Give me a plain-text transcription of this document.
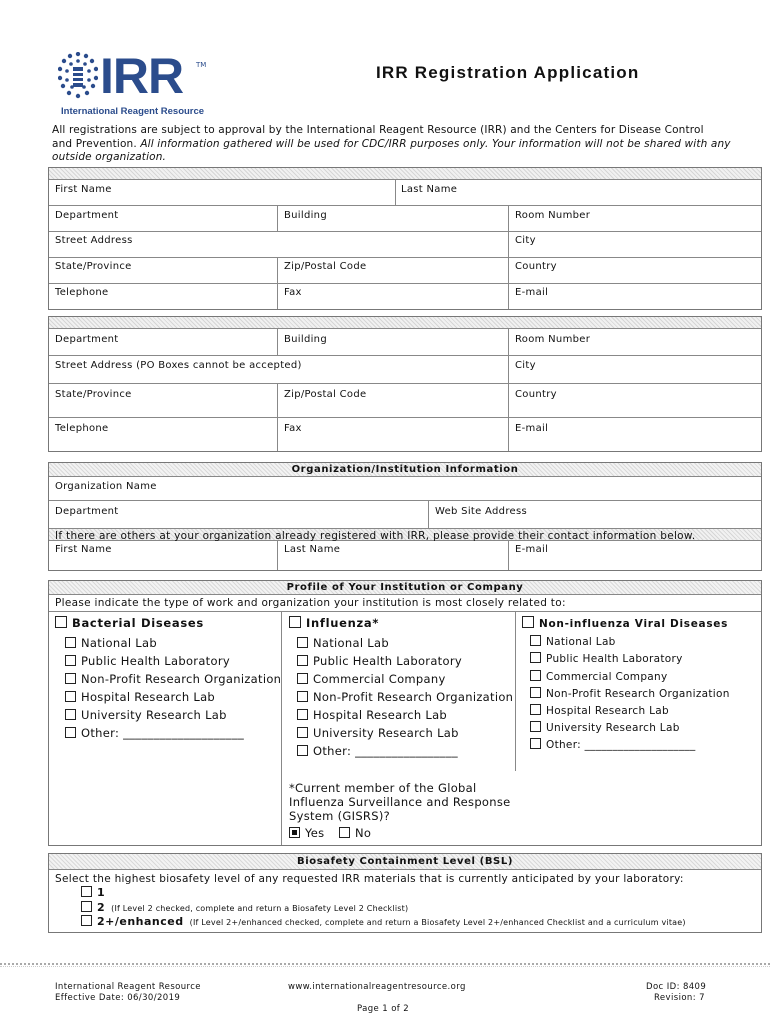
IRR TM
International Reagent Resource
IRR Registration Application
All registrations are subject to approval by the International Reagent Resource (IRR) and the Centers for Disease Control
and Prevention. All information gathered will be used for CDC/IRR purposes only. Your information will not be shared with any
outside organization.
First Name	Last Name
Department	Building	Room Number
Street Address	City
State/Province	Zip/Postal Code	Country
Telephone	Fax	E-mail
Department	Building	Room Number
Street Address (PO Boxes cannot be accepted)	City
State/Province	Zip/Postal Code	Country
Telephone	Fax	E-mail
Organization/Institution Information
Organization Name
Department	Web Site Address
If there are others at your organization already registered with IRR, please provide their contact information below.
First Name	Last Name	E-mail
Profile of Your Institution or Company
Please indicate the type of work and organization your institution is most closely related to:
Bacterial Diseases
National Lab
Public Health Laboratory
Non-Profit Research Organization
Hospital Research Lab
University Research Lab
Other: ____________________
Influenza*
National Lab
Public Health Laboratory
Commercial Company
Non-Profit Research Organization
Hospital Research Lab
University Research Lab
Other: _________________
*Current member of the Global
Influenza Surveillance and Response
System (GISRS)?
Yes	No
Non-influenza Viral Diseases
National Lab
Public Health Laboratory
Commercial Company
Non-Profit Research Organization
Hospital Research Lab
University Research Lab
Other: ____________________
Biosafety Containment Level (BSL)
Select the highest biosafety level of any requested IRR materials that is currently anticipated by your laboratory:
1
2 (If Level 2 checked, complete and return a Biosafety Level 2 Checklist)
2+/enhanced (If Level 2+/enhanced checked, complete and return a Biosafety Level 2+/enhanced Checklist and a curriculum vitae)
International Reagent Resource
Effective Date: 06/30/2019
www.internationalreagentresource.org	Doc ID: 8409
Revision: 7
Page 1 of 2
